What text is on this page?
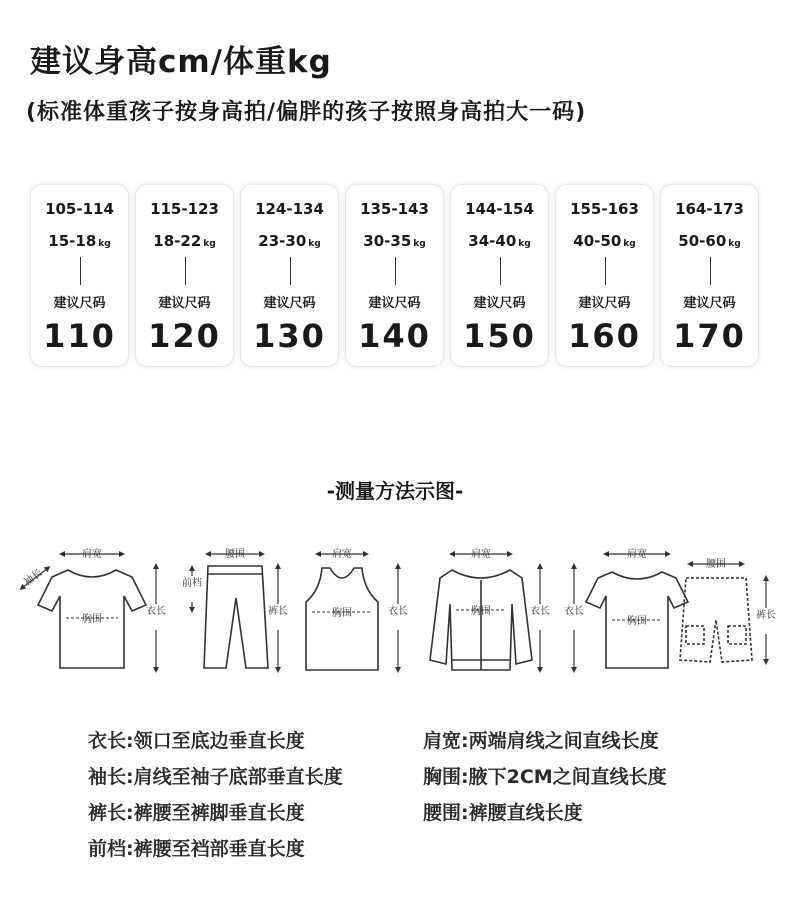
建议身高cm/体重kg
(标准体重孩子按身高拍/偏胖的孩子按照身高拍大一码)
105-114
15-18 kg
建议尺码
110
115-123
18-22 kg
建议尺码
120
124-134
23-30 kg
建议尺码
130
135-143
30-35 kg
建议尺码
140
144-154
34-40 kg
建议尺码
150
155-163
40-50 kg
建议尺码
160
164-173
50-60 kg
建议尺码
170
-测量方法示图-
肩宽
袖长
胸围
衣长
腰围
前档
裤长
肩宽
胸围	衣长
肩宽
胸围	衣长 衣长
肩宽
胸围
腰围
裤长
衣长:领口至底边垂直长度	肩宽:两端肩线之间直线长度
袖长:肩线至袖子底部垂直长度	胸围:腋下2CM之间直线长度
裤长:裤腰至裤脚垂直长度	腰围:裤腰直线长度
前档:裤腰至裆部垂直长度
